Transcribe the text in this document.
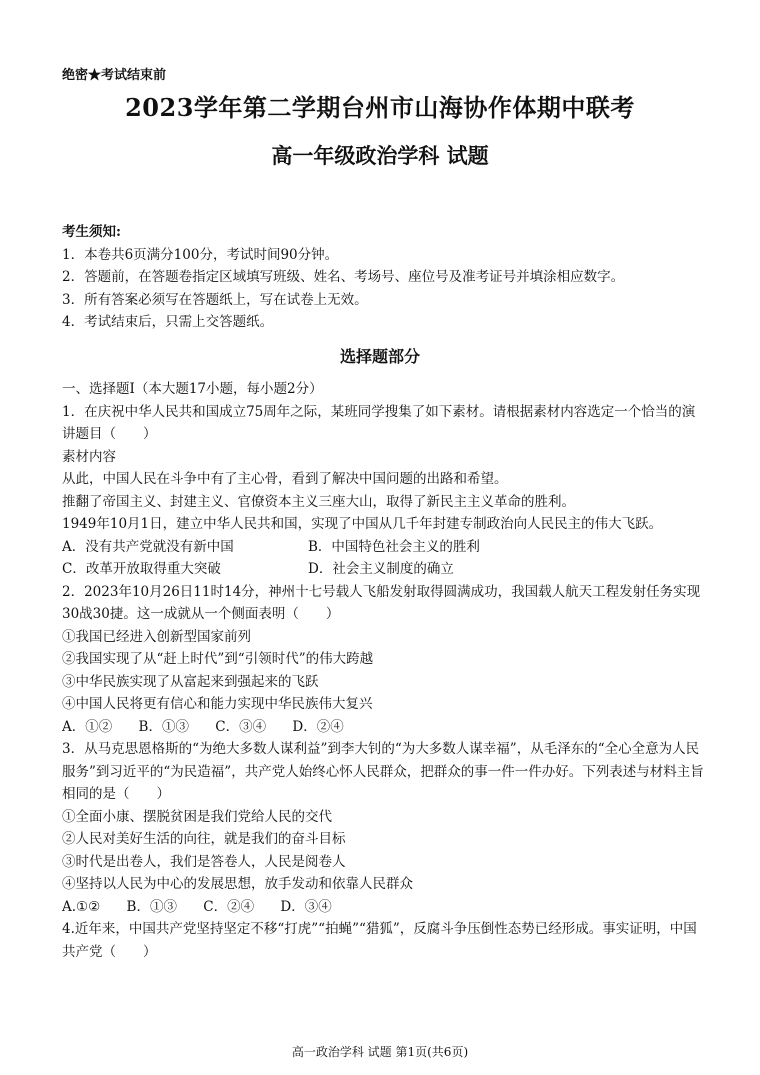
绝密★考试结束前
2023学年第二学期台州市山海协作体期中联考
高一年级政治学科 试题
考生须知:
1．本卷共6页满分100分，考试时间90分钟。
2．答题前，在答题卷指定区域填写班级、姓名、考场号、座位号及准考证号并填涂相应数字。
3．所有答案必须写在答题纸上，写在试卷上无效。
4．考试结束后，只需上交答题纸。
选择题部分
一、选择题Ⅰ（本大题17小题，每小题2分）
1．在庆祝中华人民共和国成立75周年之际，某班同学搜集了如下素材。请根据素材内容选定一个恰当的演讲题目（　　）
素材内容
从此，中国人民在斗争中有了主心骨，看到了解决中国问题的出路和希望。
推翻了帝国主义、封建主义、官僚资本主义三座大山，取得了新民主主义革命的胜利。
1949年10月1日，建立中华人民共和国，实现了中国从几千年封建专制政治向人民民主的伟大飞跃。
A．没有共产党就没有新中国	B．中国特色社会主义的胜利
C．改革开放取得重大突破	D．社会主义制度的确立
2．2023年10月26日11时14分，神州十七号载人飞船发射取得圆满成功，我国载人航天工程发射任务实现30战30捷。这一成就从一个侧面表明（　　）
①我国已经进入创新型国家前列
②我国实现了从“赶上时代”到“引领时代”的伟大跨越
③中华民族实现了从富起来到强起来的飞跃
④中国人民将更有信心和能力实现中华民族伟大复兴
A．①② B．①③ C．③④ D．②④
3．从马克思恩格斯的“为绝大多数人谋利益”到李大钊的“为大多数人谋幸福”，从毛泽东的“全心全意为人民服务”到习近平的“为民造福”，共产党人始终心怀人民群众，把群众的事一件一件办好。下列表述与材料主旨相同的是（　　）
①全面小康、摆脱贫困是我们党给人民的交代
②人民对美好生活的向往，就是我们的奋斗目标
③时代是出卷人，我们是答卷人，人民是阅卷人
④坚持以人民为中心的发展思想，放手发动和依靠人民群众
A.①② B．①③ C．②④ D．③④
4.近年来，中国共产党坚持坚定不移“打虎”“拍蝇”“猎狐”，反腐斗争压倒性态势已经形成。事实证明，中国共产党（　　）
高一政治学科 试题 第1页(共6页)
